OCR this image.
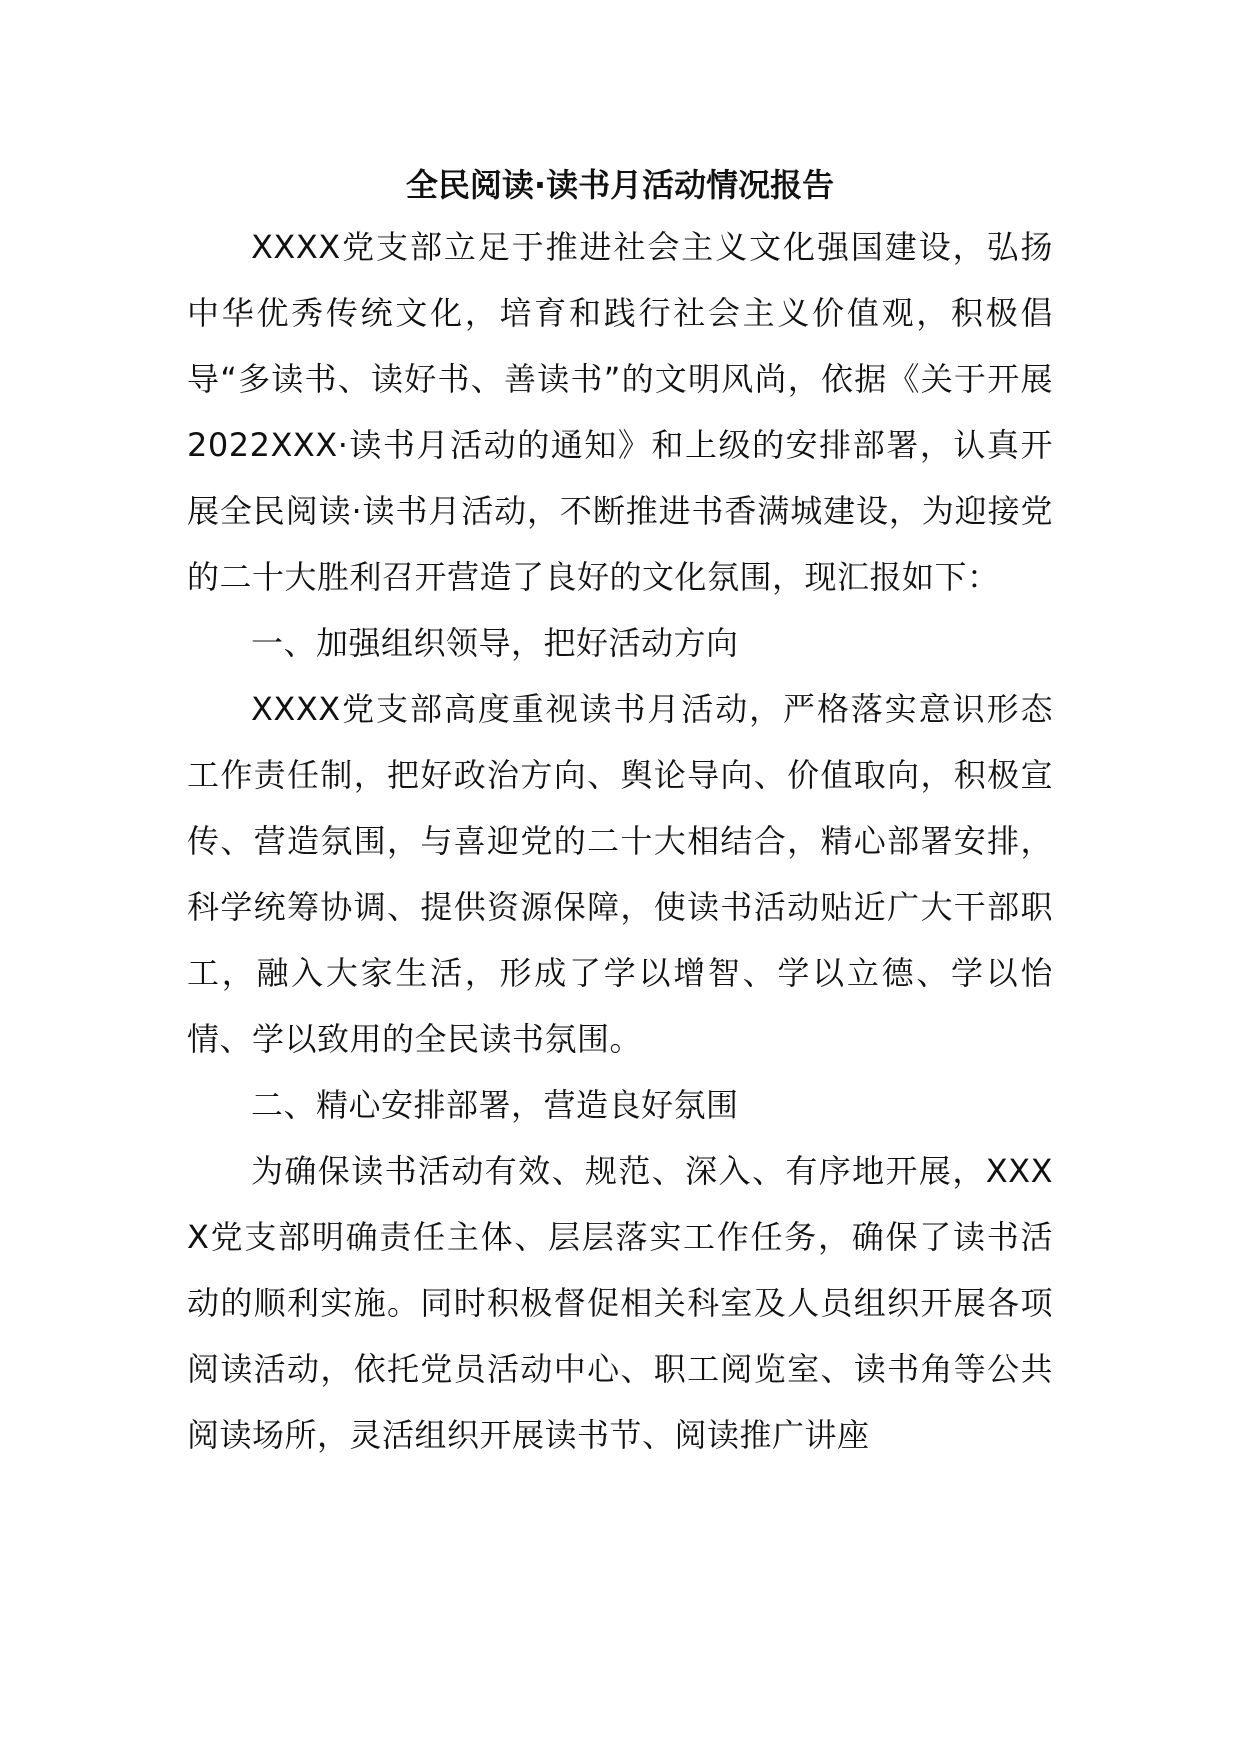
全民阅读·读书月活动情况报告

XXXX党支部立足于推进社会主义文化强国建设，弘扬中华优秀传统文化，培育和践行社会主义价值观，积极倡导“多读书、读好书、善读书”的文明风尚，依据《关于开展2022XXX·读书月活动的通知》和上级的安排部署，认真开展全民阅读·读书月活动，不断推进书香满城建设，为迎接党的二十大胜利召开营造了良好的文化氛围，现汇报如下：

一、加强组织领导，把好活动方向

XXXX党支部高度重视读书月活动，严格落实意识形态工作责任制，把好政治方向、舆论导向、价值取向，积极宣传、营造氛围，与喜迎党的二十大相结合，精心部署安排，科学统筹协调、提供资源保障，使读书活动贴近广大干部职工，融入大家生活，形成了学以增智、学以立德、学以怡情、学以致用的全民读书氛围。

二、精心安排部署，营造良好氛围

为确保读书活动有效、规范、深入、有序地开展，XXXX党支部明确责任主体、层层落实工作任务，确保了读书活动的顺利实施。同时积极督促相关科室及人员组织开展各项阅读活动，依托党员活动中心、职工阅览室、读书角等公共阅读场所，灵活组织开展读书节、阅读推广讲座
